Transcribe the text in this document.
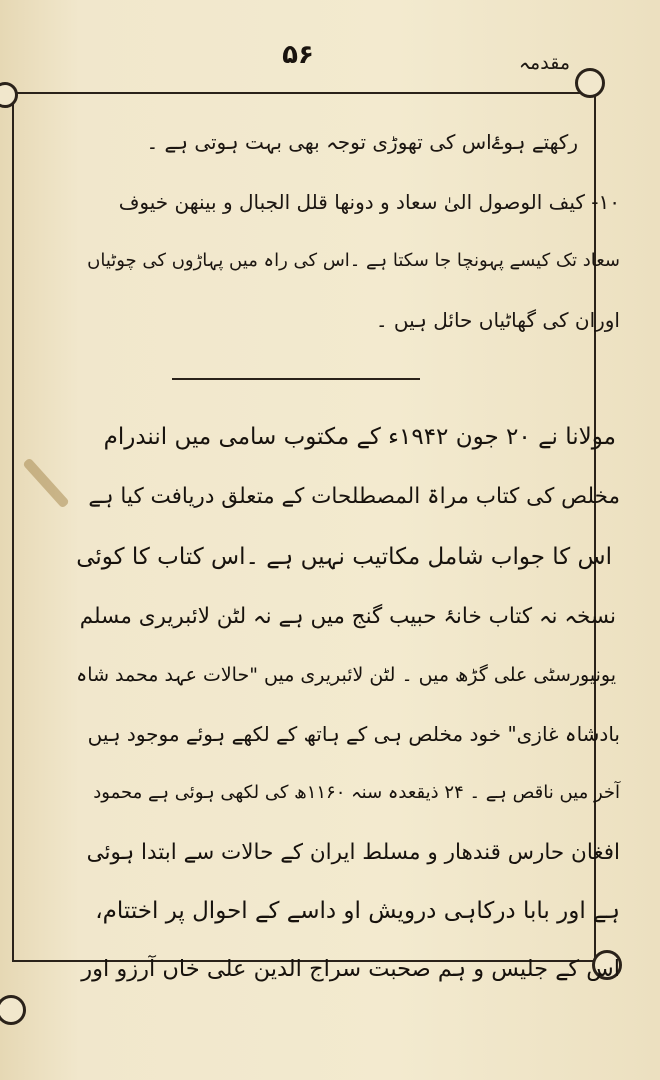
مقدمہ
۵۶
رکھتے ہوۓاس کی تھوڑی توجہ بھی بہت ہوتی ہے ۔
۱۰- کیف الوصول الیٰ سعاد و دونھا قلل الجبال و بینھن خیوف
سعاد تک کیسے پہونچا جا سکتا ہے ۔اس کی راہ میں پہاڑوں کی چوٹیاں
اوران کی گھاٹیاں حائل ہیں ۔
مولانا نے ۲۰ جون ۱۹۴۲ء کے مکتوب سامی میں انندرام
مخلص کی کتاب مراۃ المصطلحات کے متعلق دریافت کیا ہے
اس کا جواب شامل مکاتیب نہیں ہے ۔اس کتاب کا کوئی
نسخہ نہ کتاب خانۂ حبیب گنج میں ہے نہ لٹن لائبریری مسلم
یونیورسٹی علی گڑھ میں ۔ لٹن لائبریری میں "حالات عہد محمد شاہ
بادشاہ غازی" خود مخلص ہی کے ہاتھ کے لکھے ہوئے موجود ہیں
آخر میں ناقص ہے ۔ ۲۴ ذیقعدہ سنہ ۱۱۶۰ھ کی لکھی ہوئی ہے محمود
افغان حارس قندھار و مسلط ایران کے حالات سے ابتدا ہوئی
ہے اور بابا درکاہی درویش او داسے کے احوال پر اختتام،
اس کے جلیس و ہم صحبت سراج الدین علی خاں آرزو اور
